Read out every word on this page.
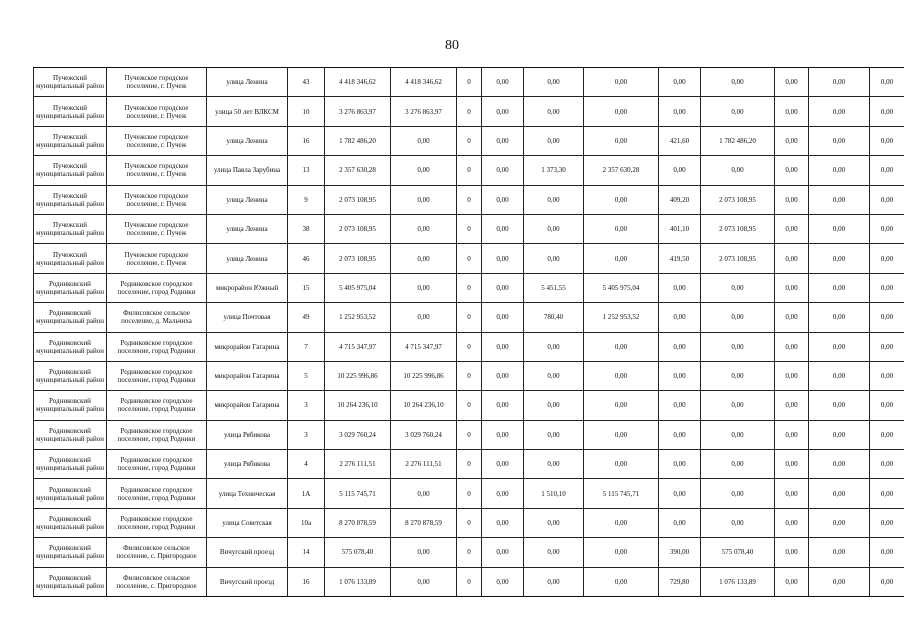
80
Пучежский муниципальный район	Пучежское городское поселение, г. Пучеж	улица Ленина	43	4 418 346,62	4 418 346,62	0	0,00	0,00	0,00	0,00	0,00	0,00	0,00	0,00
Пучежский муниципальный район	Пучежское городское поселение, г. Пучеж	улица 50 лет ВЛКСМ	10	3 276 863,97	3 276 863,97	0	0,00	0,00	0,00	0,00	0,00	0,00	0,00	0,00
Пучежский муниципальный район	Пучежское городское поселение, г. Пучеж	улица Ленина	16	1 782 486,20	0,00	0	0,00	0,00	0,00	421,60	1 782 486,20	0,00	0,00	0,00
Пучежский муниципальный район	Пучежское городское поселение, г. Пучеж	улица Павла Зарубина	13	2 357 630,28	0,00	0	0,00	1 373,30	2 357 630,28	0,00	0,00	0,00	0,00	0,00
Пучежский муниципальный район	Пучежское городское поселение, г. Пучеж	улица Ленина	9	2 073 108,95	0,00	0	0,00	0,00	0,00	409,20	2 073 108,95	0,00	0,00	0,00
Пучежский муниципальный район	Пучежское городское поселение, г. Пучеж	улица Ленина	38	2 073 108,95	0,00	0	0,00	0,00	0,00	401,10	2 073 108,95	0,00	0,00	0,00
Пучежский муниципальный район	Пучежское городское поселение, г. Пучеж	улица Ленина	46	2 073 108,95	0,00	0	0,00	0,00	0,00	419,50	2 073 108,95	0,00	0,00	0,00
Родниковский муниципальный район	Родниковское городское поселение, город Родники	микрорайон Южный	15	5 405 975,04	0,00	0	0,00	5 451,55	5 405 975,04	0,00	0,00	0,00	0,00	0,00
Родниковский муниципальный район	Филисовское сельское поселение, д. Мальчиха	улица Почтовая	49	1 252 953,52	0,00	0	0,00	780,40	1 252 953,52	0,00	0,00	0,00	0,00	0,00
Родниковский муниципальный район	Родниковское городское поселение, город Родники	микрорайон Гагарина	7	4 715 347,97	4 715 347,97	0	0,00	0,00	0,00	0,00	0,00	0,00	0,00	0,00
Родниковский муниципальный район	Родниковское городское поселение, город Родники	микрорайон Гагарина	5	10 225 996,86	10 225 996,86	0	0,00	0,00	0,00	0,00	0,00	0,00	0,00	0,00
Родниковский муниципальный район	Родниковское городское поселение, город Родники	микрорайон Гагарина	3	10 264 236,10	10 264 236,10	0	0,00	0,00	0,00	0,00	0,00	0,00	0,00	0,00
Родниковский муниципальный район	Родниковское городское поселение, город Родники	улица Рябикова	3	3 029 760,24	3 029 760,24	0	0,00	0,00	0,00	0,00	0,00	0,00	0,00	0,00
Родниковский муниципальный район	Родниковское городское поселение, город Родники	улица Рябикова	4	2 276 111,51	2 276 111,51	0	0,00	0,00	0,00	0,00	0,00	0,00	0,00	0,00
Родниковский муниципальный район	Родниковское городское поселение, город Родники	улица Техническая	1А	5 115 745,71	0,00	0	0,00	1 510,10	5 115 745,71	0,00	0,00	0,00	0,00	0,00
Родниковский муниципальный район	Родниковское городское поселение, город Родники	улица Советская	10а	8 270 878,59	8 270 878,59	0	0,00	0,00	0,00	0,00	0,00	0,00	0,00	0,00
Родниковский муниципальный район	Филисовское сельское поселение, с. Пригородное	Вичугский проезд	14	575 078,40	0,00	0	0,00	0,00	0,00	390,00	575 078,40	0,00	0,00	0,00
Родниковский муниципальный район	Филисовское сельское поселение, с. Пригородное	Вичугский проезд	16	1 076 133,89	0,00	0	0,00	0,00	0,00	729,80	1 076 133,89	0,00	0,00	0,00
